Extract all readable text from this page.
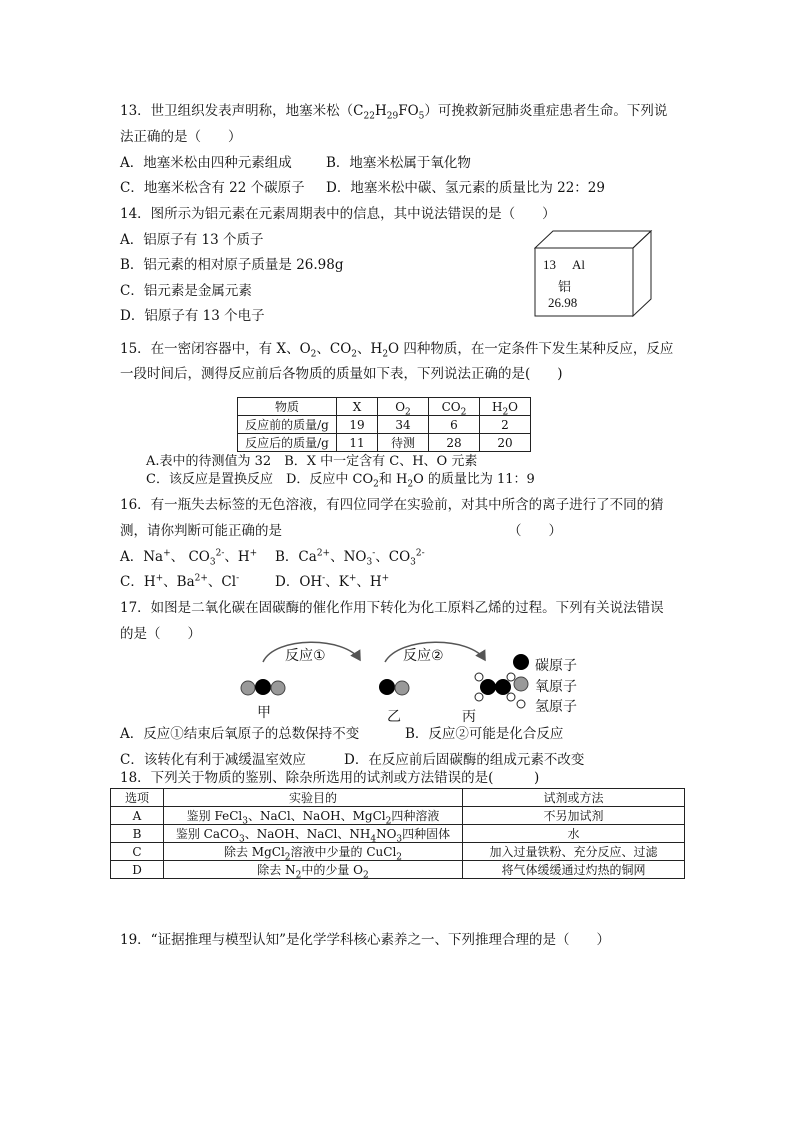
13．世卫组织发表声明称，地塞米松$(C_{22}H_{29}FO_5)$可挽救新冠肺炎重症患者生命。下列说
法正确的是（　　）
A．地塞米松由四种元素组成	B．地塞米松属于氧化物
C．地塞米松含有 22 个碳原子 D．地塞米松中碳、氢元素的质量比为 22：29
14．图所示为铝元素在元素周期表中的信息，其中说法错误的是（　　）
A．铝原子有 13 个质子
B．铝元素的相对原子质量是 26.98g
C．铝元素是金属元素
D．铝原子有 13 个电子
13 Al
铝
26.98
15．在一密闭容器中，有 X、$O_2$、$CO_2$、$H_2O$ 四种物质，在一定条件下发生某种反应，反应
一段时间后，测得反应前后各物质的质量如下表，下列说法正确的是(　　)
物质	X	$O_2$	$CO_2$	$H_2O$
反应前的质量/g	19	34	6	2
反应后的质量/g	11	待测	28	20
A.表中的待测值为 32　B．X 中一定含有 C、H、O 元素
C．该反应是置换反应　D．反应中 $CO_2$和 $H_2O$ 的质量比为 11：9
16．有一瓶失去标签的无色溶液，有四位同学在实验前，对其中所含的离子进行了不同的猜
测，请你判断可能正确的是	（　　）
A．Na+、 $CO_3^{2-}$、H+ B．$Ca^{2+}$、$NO_3^-$、$CO_3^{2-}$
C．H+、$Ba^{2+}$、Cl-	D．OH-、K+、H+
17．如图是二氧化碳在固碳酶的催化作用下转化为化工原料乙烯的过程。下列有关说法错误
的是（　　）
反应①	反应②
甲	乙	丙
碳原子
氧原子
氢原子
A．反应①结束后氧原子的总数保持不变	B．反应②可能是化合反应
C．该转化有利于减缓温室效应	D．在反应前后固碳酶的组成元素不改变
18．下列关于物质的鉴别、除杂所选用的试剂或方法错误的是(　　　)
选项	实验目的	试剂或方法
A	鉴别 FeCl$_3$、NaCl、NaOH、MgCl$_2$四种溶液	不另加试剂
B	鉴别 CaCO$_3$、NaOH、NaCl、$NH_4NO_3$四种固体	水
C	除去 MgCl$_2$溶液中少量的 CuCl$_2$	加入过量铁粉、充分反应、过滤
D	除去 $N_2$中的少量 $O_2$	将气体缓缓通过灼热的铜网
19．“证据推理与模型认知”是化学学科核心素养之一、下列推理合理的是（　　）
